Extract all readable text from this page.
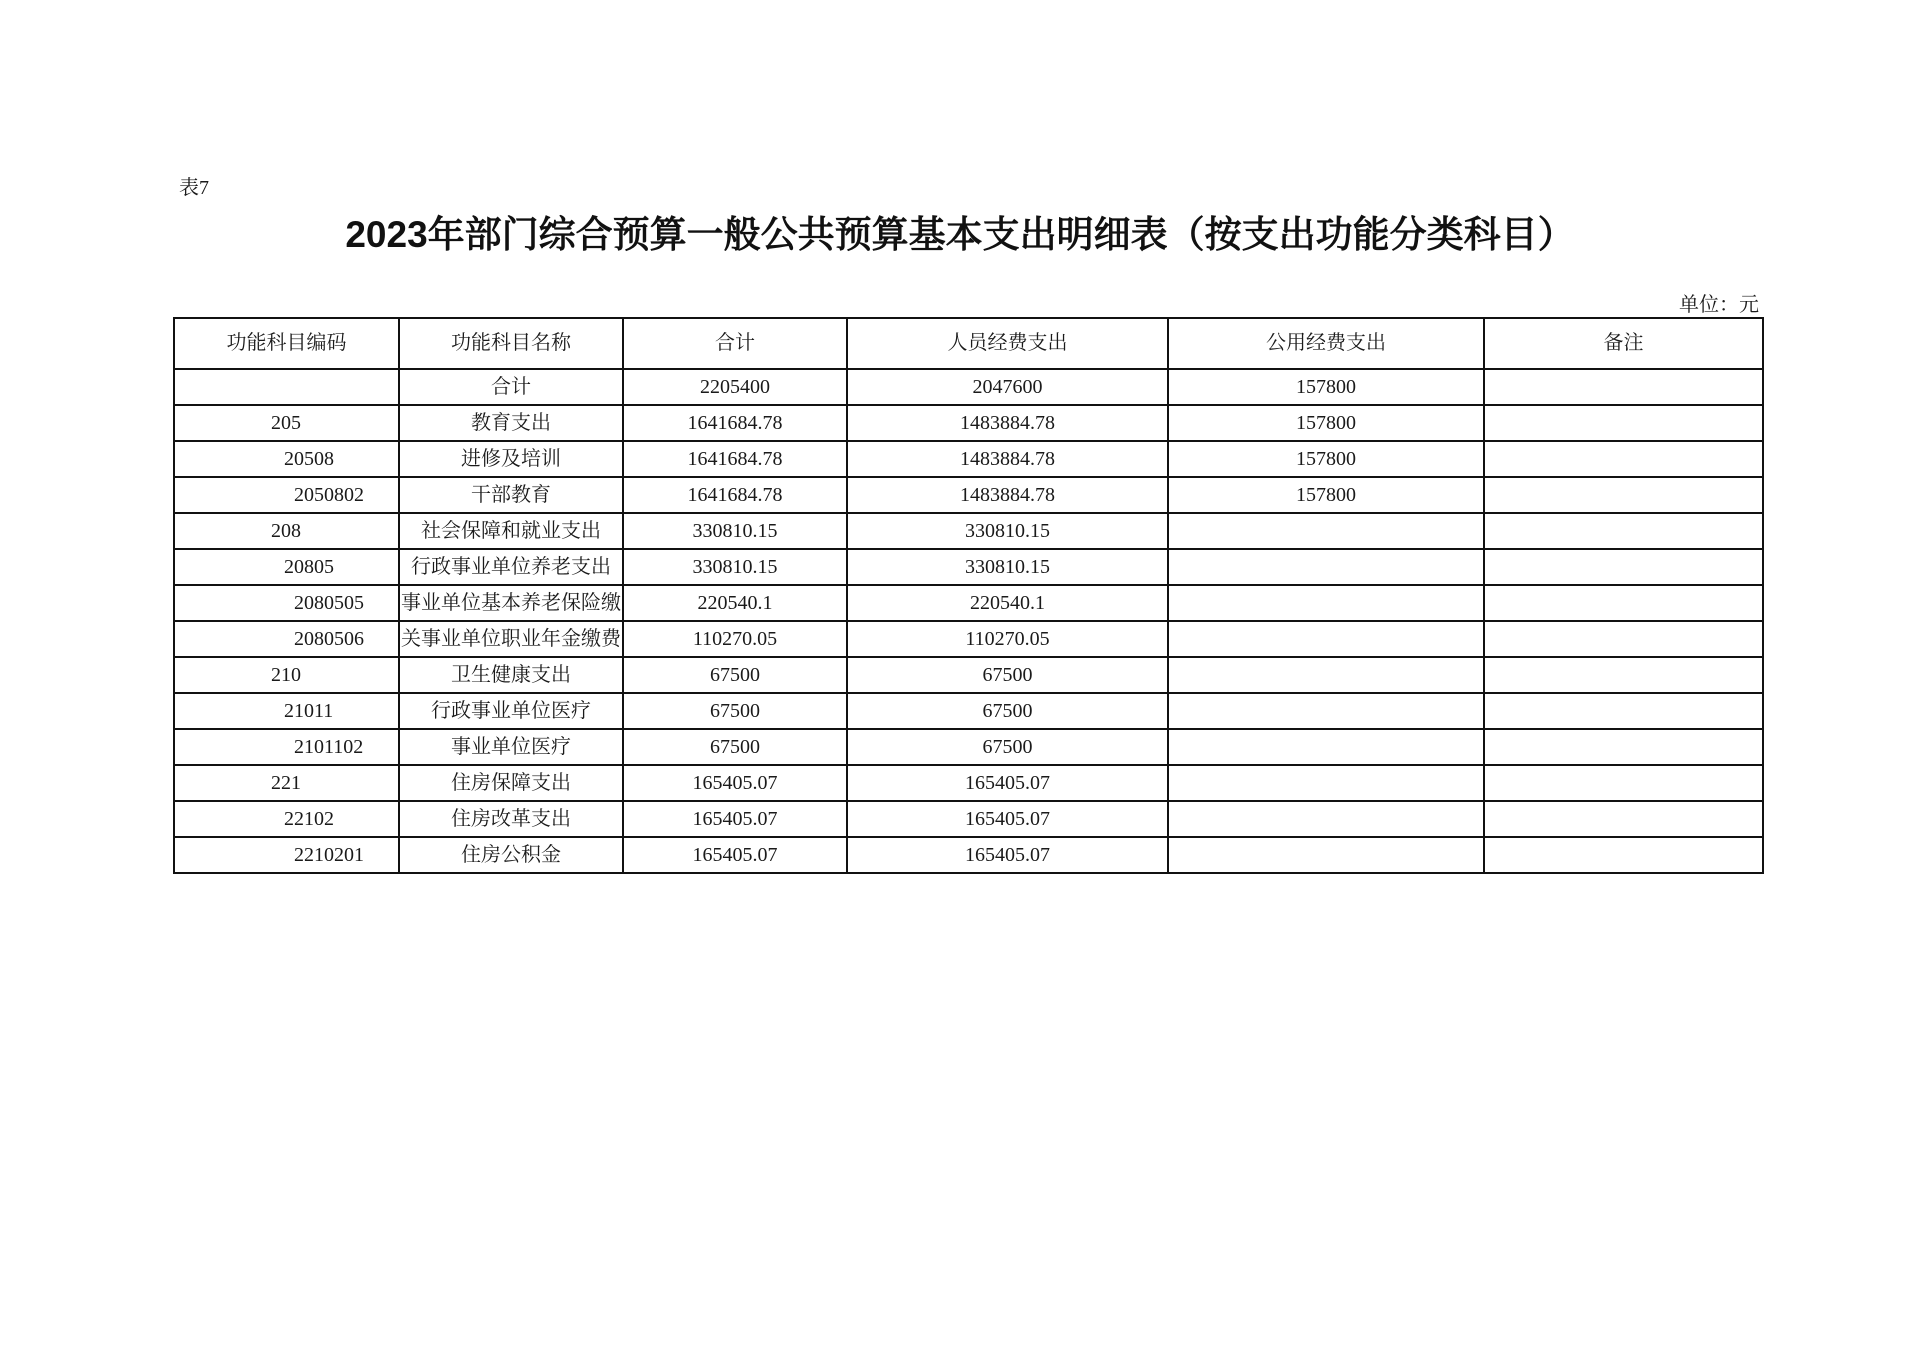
表7
2023年部门综合预算一般公共预算基本支出明细表（按支出功能分类科目）
单位：元
功能科目编码	功能科目名称	合计	人员经费支出	公用经费支出	备注
	合计	2205400	2047600	157800	
205	教育支出	1641684.78	1483884.78	157800	
20508	进修及培训	1641684.78	1483884.78	157800	
2050802	干部教育	1641684.78	1483884.78	157800	
208	社会保障和就业支出	330810.15	330810.15		
20805	行政事业单位养老支出	330810.15	330810.15		
2080505	事业单位基本养老保险缴	220540.1	220540.1		
2080506	关事业单位职业年金缴费	110270.05	110270.05		
210	卫生健康支出	67500	67500		
21011	行政事业单位医疗	67500	67500		
2101102	事业单位医疗	67500	67500		
221	住房保障支出	165405.07	165405.07		
22102	住房改革支出	165405.07	165405.07		
2210201	住房公积金	165405.07	165405.07		
